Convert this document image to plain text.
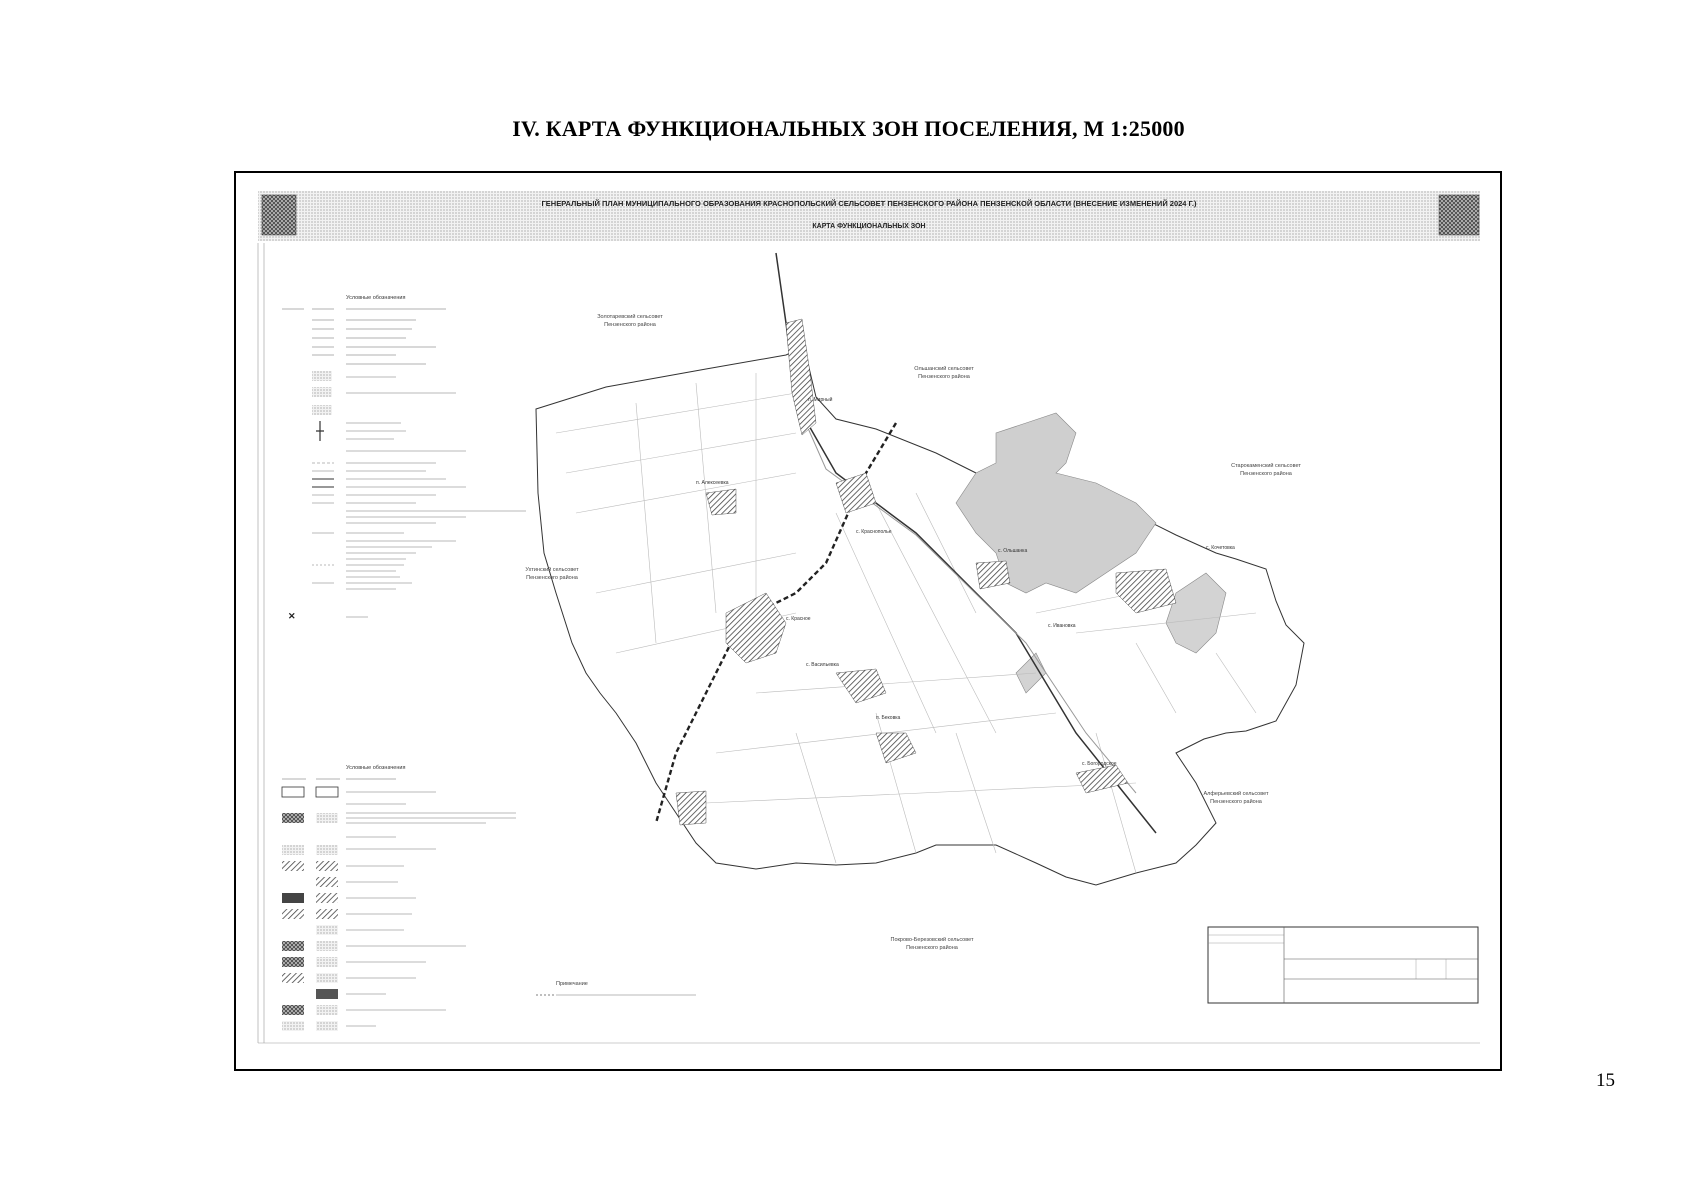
IV. КАРТА ФУНКЦИОНАЛЬНЫХ ЗОН ПОСЕЛЕНИЯ, М 1:25000
ГЕНЕРАЛЬНЫЙ ПЛАН МУНИЦИПАЛЬНОГО ОБРАЗОВАНИЯ КРАСНОПОЛЬСКИЙ СЕЛЬСОВЕТ ПЕНЗЕНСКОГО РАЙОНА ПЕНЗЕНСКОЙ ОБЛАСТИ (ВНЕСЕНИЕ ИЗМЕНЕНИЙ 2024 Г.)
КАРТА ФУНКЦИОНАЛЬНЫХ ЗОН
Условные обозначения
✕
Условные обозначения
Примечание
Золотаревский сельсовет
Пензенского района
Ольшанский сельсовет
Пензенского района
Старокаменский сельсовет
Пензенского района
Ухтинский сельсовет
Пензенского района
Алферьевский сельсовет
Пензенского района
Покрово-Березовский сельсовет
Пензенского района
п. Мирный
п. Алексеевка
с. Краснополье
с. Ольшанка	с. Кочетовка
с. Красное
с. Васильевка
с. Ивановка
п. Бековка
с. Богородское
15
